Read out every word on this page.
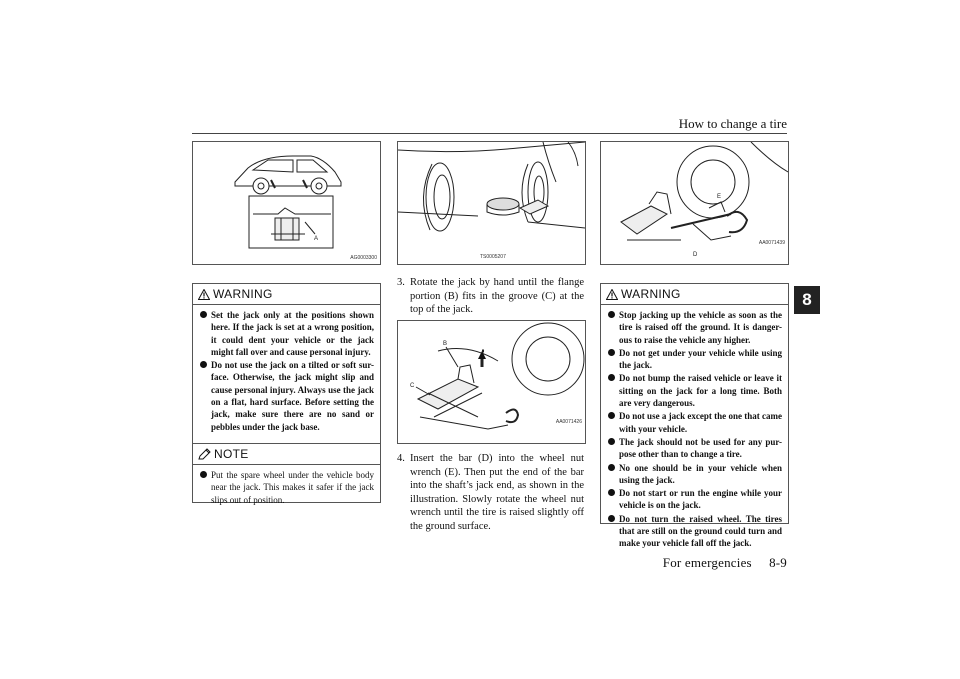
How to change a tire
8
A
AG0003300
WARNING
Set the jack only at the positions shown here. If the jack is set at a wrong position, it could dent your vehicle or the jack might fall over and cause personal injury.
Do not use the jack on a tilted or soft sur-face. Otherwise, the jack might slip and cause personal injury. Always use the jack on a flat, hard surface. Before setting the jack, make sure there are no sand or pebbles under the jack base.
NOTE
Put the spare wheel under the vehicle body near the jack. This makes it safer if the jack slips out of position.
TS0005207
3. Rotate the jack by hand until the flange portion (B) fits in the groove (C) at the top of the jack.
B
C
AA0071426
4. Insert the bar (D) into the wheel nut wrench (E). Then put the end of the bar into the shaft’s jack end, as shown in the illustration. Slowly rotate the wheel nut wrench until the tire is raised slightly off the ground surface.
E
D
AA0071439
WARNING
Stop jacking up the vehicle as soon as the tire is raised off the ground. It is danger-ous to raise the vehicle any higher.
Do not get under your vehicle while using the jack.
Do not bump the raised vehicle or leave it sitting on the jack for a long time. Both are very dangerous.
Do not use a jack except the one that came with your vehicle.
The jack should not be used for any pur-pose other than to change a tire.
No one should be in your vehicle when using the jack.
Do not start or run the engine while your vehicle is on the jack.
Do not turn the raised wheel. The tires that are still on the ground could turn and make your vehicle fall off the jack.
For emergencies     8-9
